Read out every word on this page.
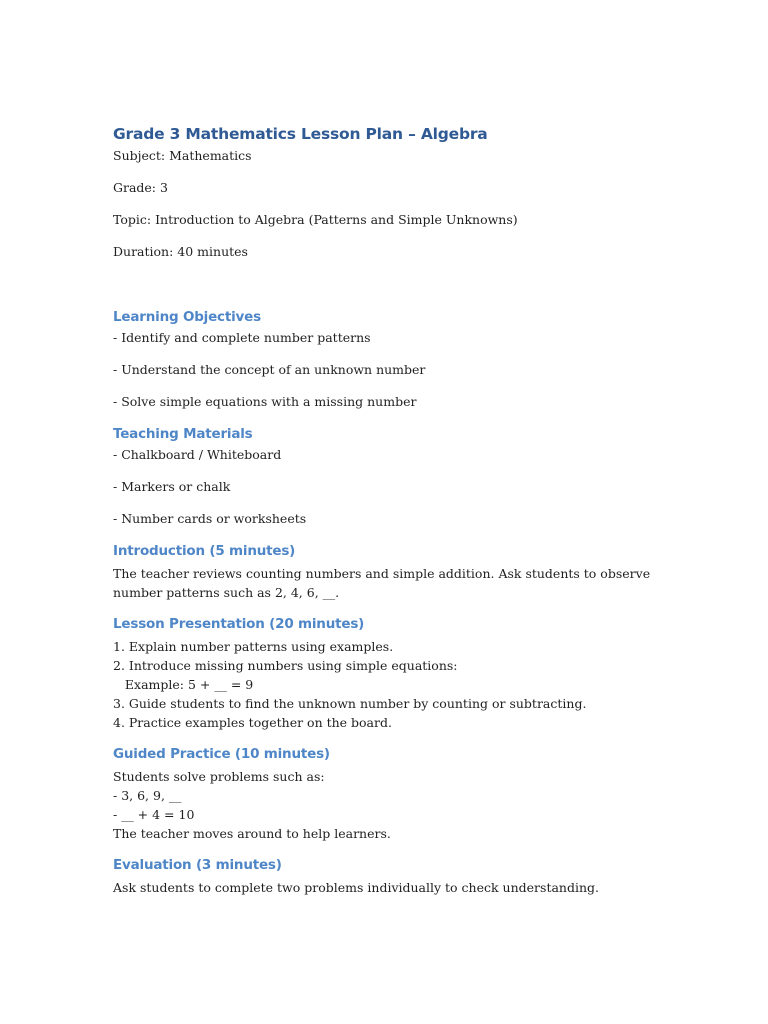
Grade 3 Mathematics Lesson Plan – Algebra

Subject: Mathematics

Grade: 3

Topic: Introduction to Algebra (Patterns and Simple Unknowns)

Duration: 40 minutes

Learning Objectives

- Identify and complete number patterns

- Understand the concept of an unknown number

- Solve simple equations with a missing number

Teaching Materials

- Chalkboard / Whiteboard

- Markers or chalk

- Number cards or worksheets

Introduction (5 minutes)
The teacher reviews counting numbers and simple addition. Ask students to observe
number patterns such as 2, 4, 6, __.
Lesson Presentation (20 minutes)
1. Explain number patterns using examples.
2. Introduce missing numbers using simple equations:
Example: 5 + __ = 9
3. Guide students to find the unknown number by counting or subtracting.
4. Practice examples together on the board.
Guided Practice (10 minutes)
Students solve problems such as:
- 3, 6, 9, __
- __ + 4 = 10
The teacher moves around to help learners.
Evaluation (3 minutes)
Ask students to complete two problems individually to check understanding.
